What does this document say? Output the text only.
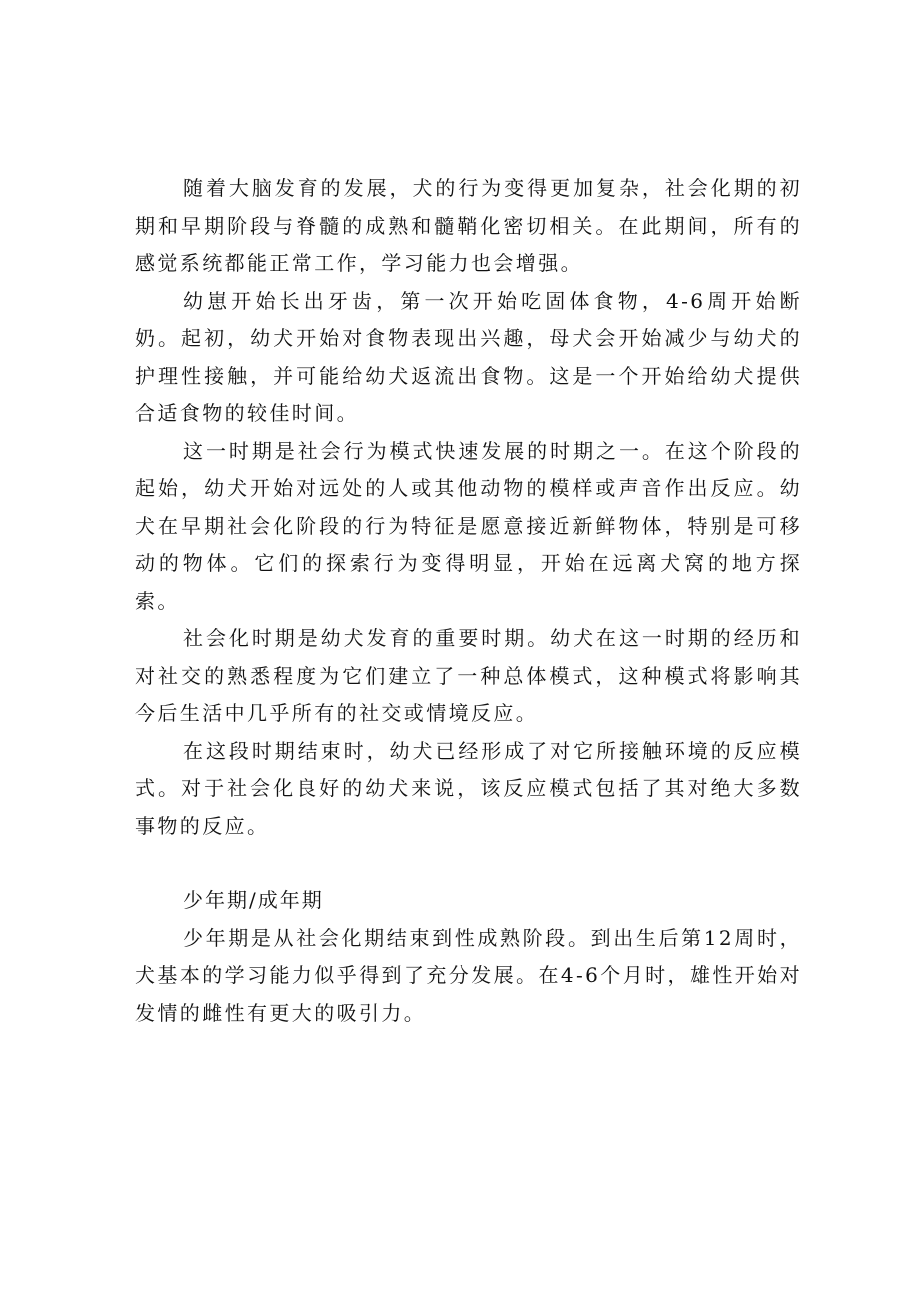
随着大脑发育的发展，犬的行为变得更加复杂，社会化期的初期和早期阶段与脊髓的成熟和髓鞘化密切相关。在此期间，所有的感觉系统都能正常工作，学习能力也会增强。

幼崽开始长出牙齿，第一次开始吃固体食物，4-6周开始断奶。起初，幼犬开始对食物表现出兴趣，母犬会开始减少与幼犬的护理性接触，并可能给幼犬返流出食物。这是一个开始给幼犬提供合适食物的较佳时间。

这一时期是社会行为模式快速发展的时期之一。在这个阶段的起始，幼犬开始对远处的人或其他动物的模样或声音作出反应。幼犬在早期社会化阶段的行为特征是愿意接近新鲜物体，特别是可移动的物体。它们的探索行为变得明显，开始在远离犬窝的地方探索。

社会化时期是幼犬发育的重要时期。幼犬在这一时期的经历和对社交的熟悉程度为它们建立了一种总体模式，这种模式将影响其今后生活中几乎所有的社交或情境反应。

在这段时期结束时，幼犬已经形成了对它所接触环境的反应模式。对于社会化良好的幼犬来说，该反应模式包括了其对绝大多数事物的反应。

少年期/成年期

少年期是从社会化期结束到性成熟阶段。到出生后第12周时，犬基本的学习能力似乎得到了充分发展。在4-6个月时，雄性开始对发情的雌性有更大的吸引力。
